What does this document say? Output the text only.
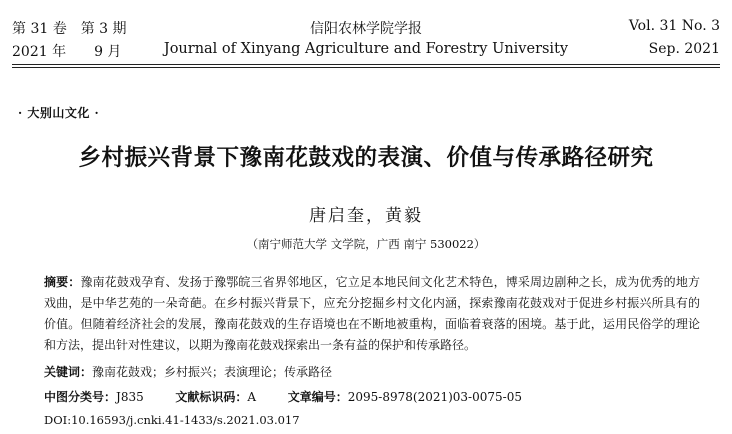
第 31 卷　第 3 期
2021 年　　9 月
信阳农林学院学报
Journal of Xinyang Agriculture and Forestry University
Vol. 31 No. 3
Sep. 2021
· 大别山文化 ·
乡村振兴背景下豫南花鼓戏的表演、价值与传承路径研究
唐启奎，黄毅
（南宁师范大学 文学院，广西 南宁 530022）
摘要：豫南花鼓戏孕育、发扬于豫鄂皖三省界邻地区，它立足本地民间文化艺术特色，博采周边剧种之长，成为优秀的地方戏曲，是中华艺苑的一朵奇葩。在乡村振兴背景下，应充分挖掘乡村文化内涵，探索豫南花鼓戏对于促进乡村振兴所具有的价值。但随着经济社会的发展，豫南花鼓戏的生存语境也在不断地被重构，面临着衰落的困境。基于此，运用民俗学的理论和方法，提出针对性建议，以期为豫南花鼓戏探索出一条有益的保护和传承路径。
关键词：豫南花鼓戏；乡村振兴；表演理论；传承路径
中图分类号：J835	文献标识码：A	文章编号：2095-8978(2021)03-0075-05
DOI:10.16593/j.cnki.41-1433/s.2021.03.017
